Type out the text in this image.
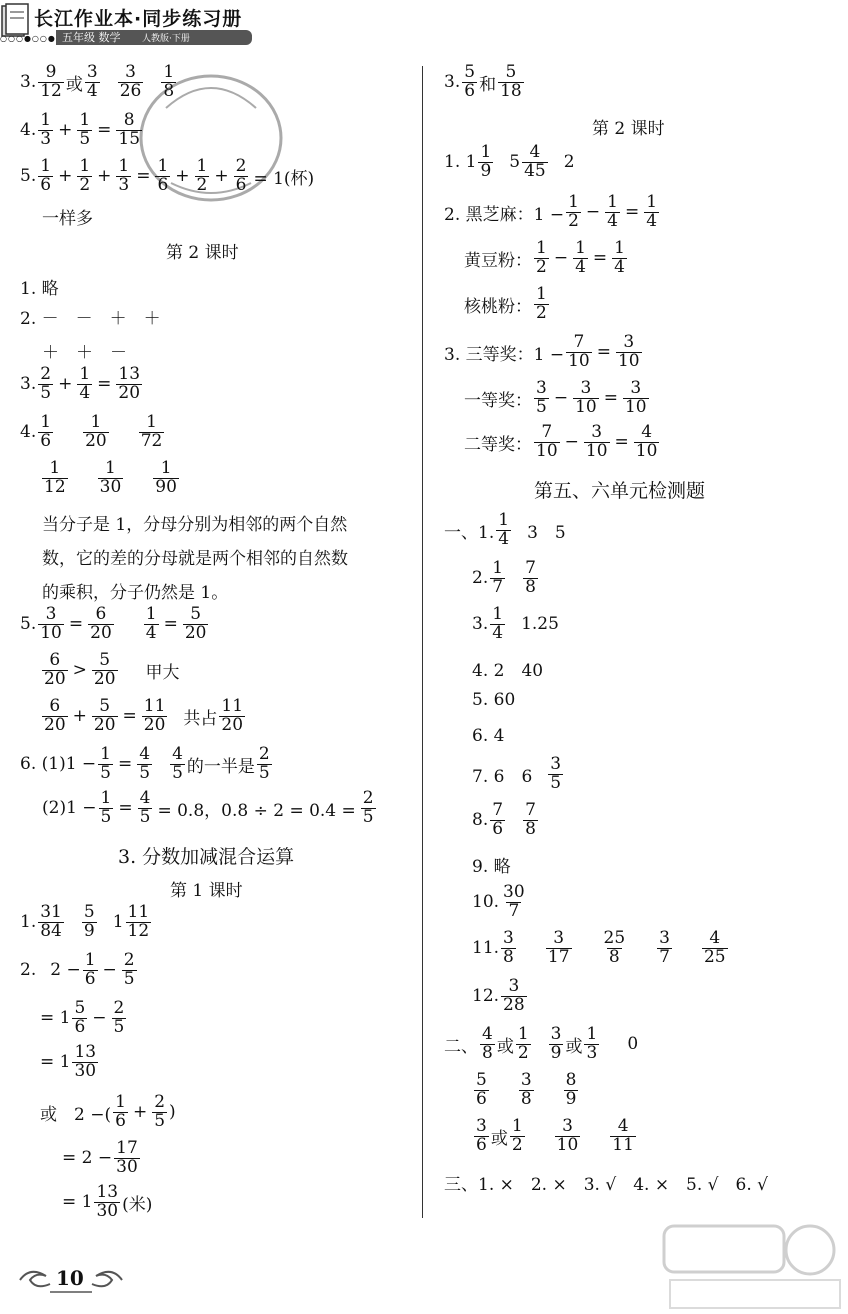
长江作业本·同步练习册
○○○●○○● 五年级 数学 人教版·下册
3. $\frac{9}{12}$ 或 $\frac{3}{4} \frac{3}{26} \frac{1}{8}$
4. $\frac{1}{3} + \frac{1}{5} = \frac{8}{15}$
5. $\frac{1}{6} + \frac{1}{2} + \frac{1}{3} = \frac{1}{6} + \frac{1}{2} + \frac{2}{6} = 1$(杯)
一样多
第 2 课时
1. 略
2. －　－　＋　＋
＋　＋　－
3. $\frac{2}{5} + \frac{1}{4} = \frac{13}{20}$
4. $\frac{1}{6} \frac{1}{20} \frac{1}{72}$
$\frac{1}{12} \frac{1}{30} \frac{1}{90}$
当分子是 1，分母分别为相邻的两个自然
数，它的差的分母就是两个相邻的自然数
的乘积，分子仍然是 1。
5. $\frac{3}{10} = \frac{6}{20} \frac{1}{4} = \frac{5}{20}$
$\frac{6}{20} > \frac{5}{20}$ 甲大
$\frac{6}{20} + \frac{5}{20} = \frac{11}{20}$ 共占 $\frac{11}{20}$
6. $(1)1 - \frac{1}{5} = \frac{4}{5} \frac{4}{5}$ 的一半是 $\frac{2}{5}$
$(2)1 - \frac{1}{5} = \frac{4}{5} = 0.8$，$0.8 \div 2 = 0.4 = \frac{2}{5}$
3. 分数加减混合运算
第 1 课时
1. $\frac{31}{84} \frac{5}{9} 1 \frac{11}{12}$
2. $2 - \frac{1}{6} - \frac{2}{5}$
= $1 \frac{5}{6} - \frac{2}{5}$
= $1 \frac{13}{30}$
或　2 −( $\frac{1}{6} + \frac{2}{5}$ )
= $2 - \frac{17}{30}$
= $1 \frac{13}{30}$ (米)
3. $\frac{5}{6}$ 和 $\frac{5}{18}$
第 2 课时
1. $1 \frac{1}{9} 5 \frac{4}{45} 2$
2. 黑芝麻：$1 - \frac{1}{2} - \frac{1}{4} = \frac{1}{4}$
黄豆粉： $\frac{1}{2} - \frac{1}{4} = \frac{1}{4}$
核桃粉： $\frac{1}{2}$
3. 三等奖：$1 - \frac{7}{10} = \frac{3}{10}$
一等奖： $\frac{3}{5} - \frac{3}{10} = \frac{3}{10}$
二等奖： $\frac{7}{10} - \frac{3}{10} = \frac{4}{10}$
第五、六单元检测题
一、1. $\frac{1}{4} 3$　5
2. $\frac{1}{7} \frac{7}{8}$
3. $\frac{1}{4} 1.25$
4. 2　40
5. 60
6. 4
7. 6　$6 \frac{3}{5}$
8. $\frac{7}{6} \frac{7}{8}$
9. 略
10. $\frac{30}{7}$
11. $\frac{3}{8} \frac{3}{17} \frac{25}{8} \frac{3}{7} \frac{4}{25}$
12. $\frac{3}{28}$
二、 $\frac{4}{8}$ 或 $\frac{1}{2} \frac{3}{9}$ 或 $\frac{1}{3} 0$
$\frac{5}{6} \frac{3}{8} \frac{8}{9}$
$\frac{3}{6}$ 或 $\frac{1}{2} \frac{3}{10} \frac{4}{11}$
三、1. ×　2. ×　3. √　4. ×　5. √　6. √
10
